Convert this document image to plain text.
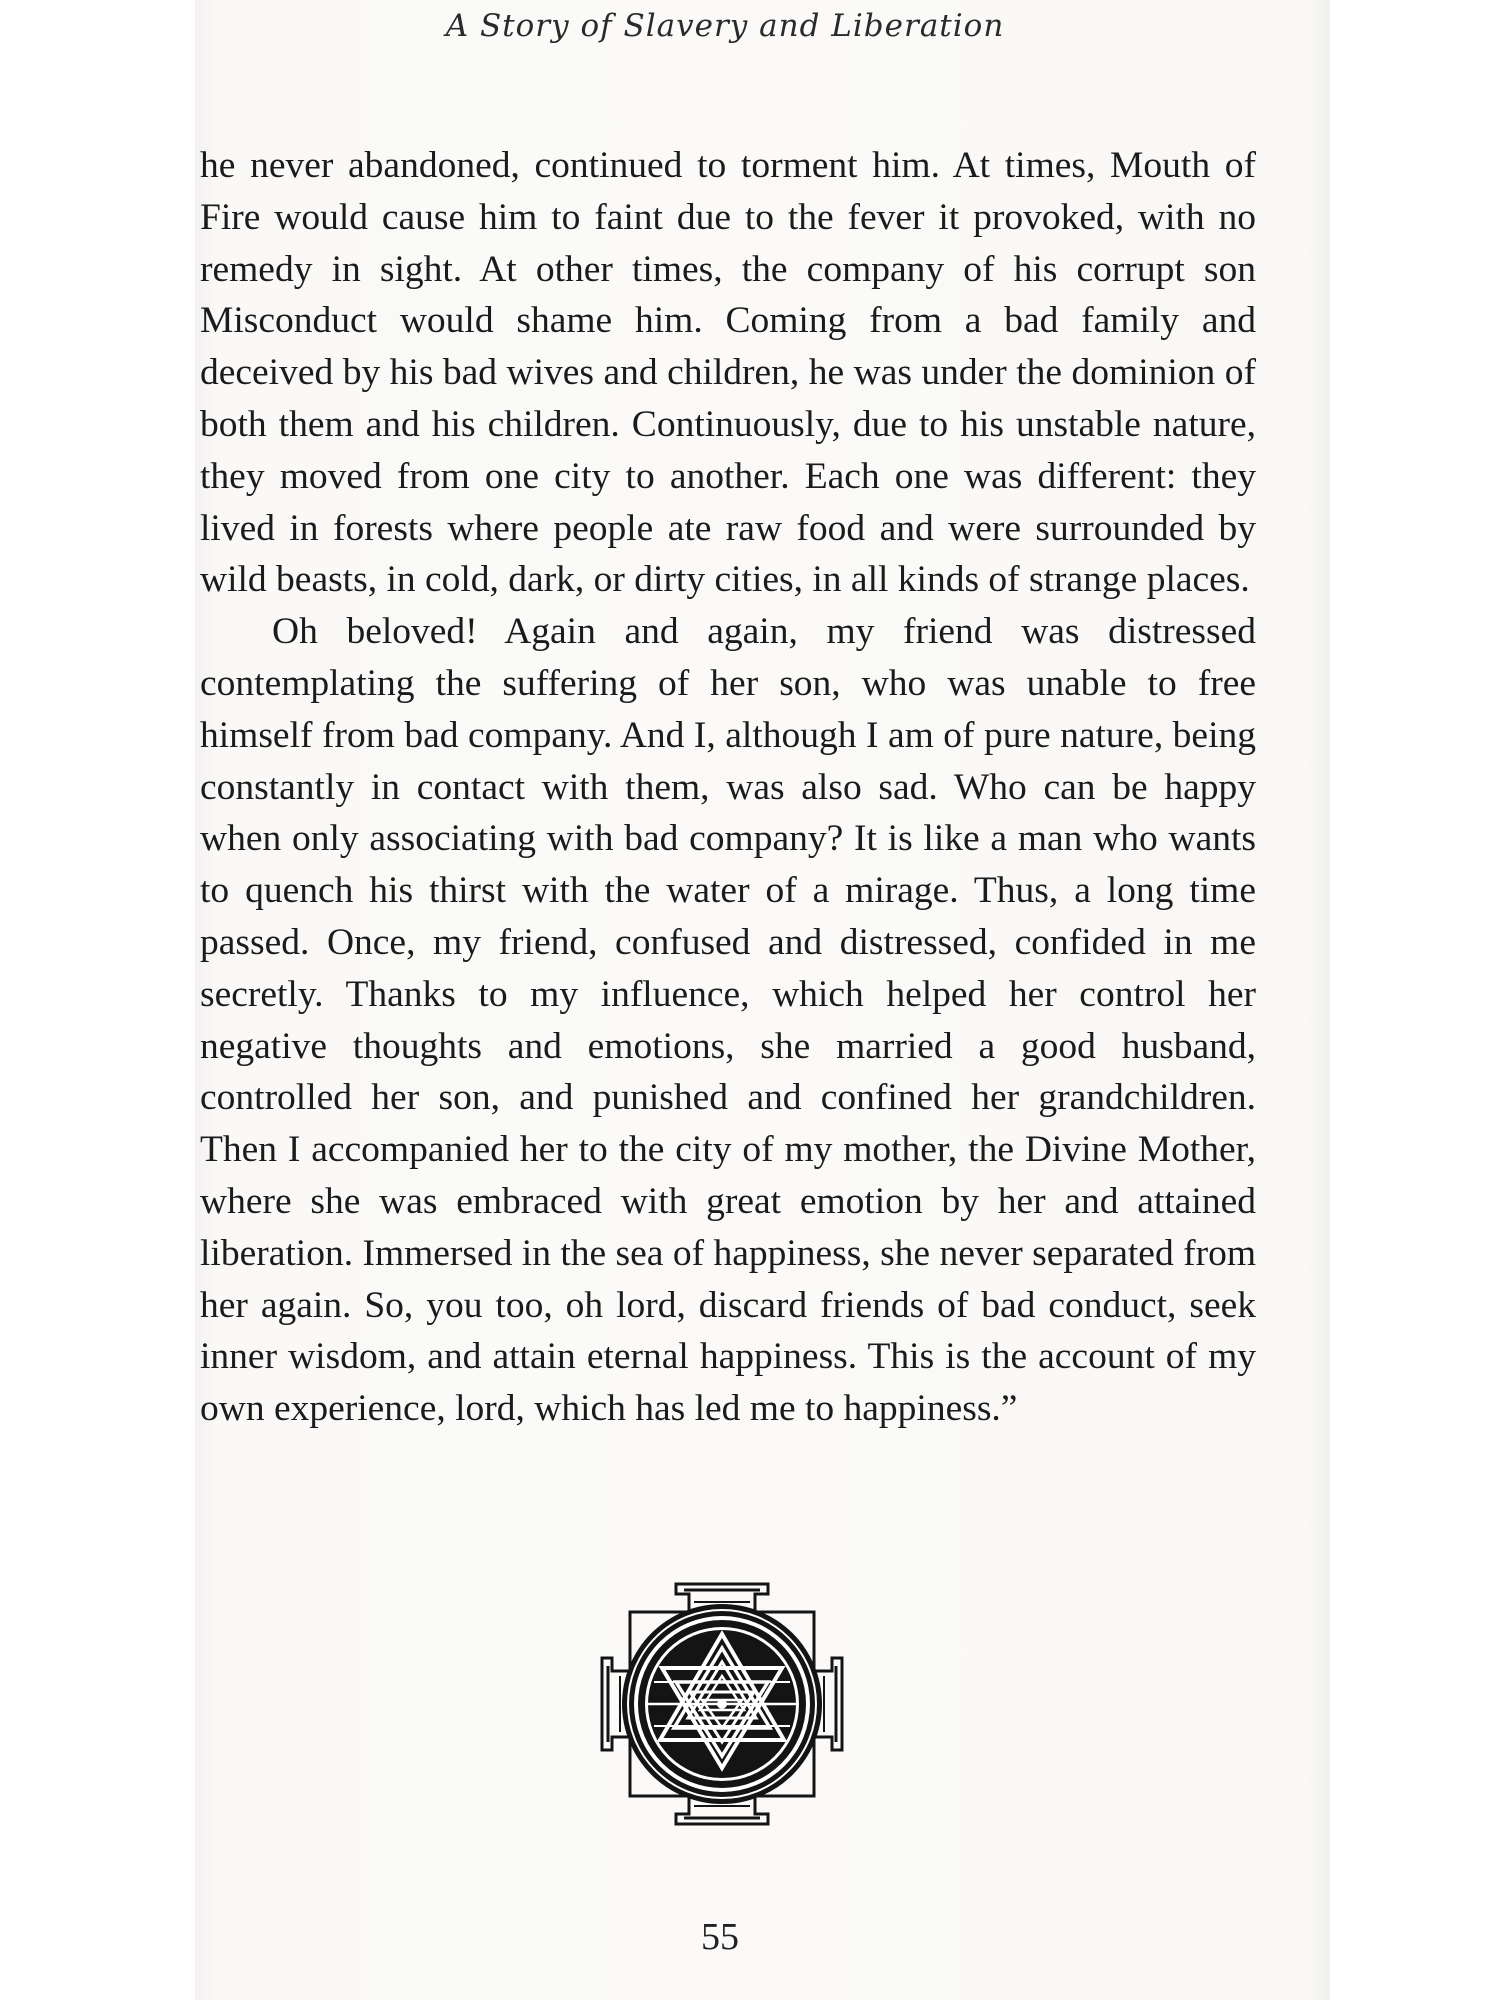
A Story of Slavery and Liberation

he never abandoned, continued to torment him. At times, Mouth of Fire would cause him to faint due to the fever it provoked, with no remedy in sight. At other times, the company of his corrupt son Misconduct would shame him. Coming from a bad family and deceived by his bad wives and children, he was under the dominion of both them and his children. Continuously, due to his unstable nature, they moved from one city to another. Each one was different: they lived in forests where people ate raw food and were surrounded by wild beasts, in cold, dark, or dirty cities, in all kinds of strange places.

Oh beloved! Again and again, my friend was distressed contemplating the suffering of her son, who was unable to free himself from bad company. And I, although I am of pure nature, being constantly in contact with them, was also sad. Who can be happy when only associating with bad company? It is like a man who wants to quench his thirst with the water of a mirage. Thus, a long time passed. Once, my friend, confused and distressed, confided in me secretly. Thanks to my influence, which helped her control her negative thoughts and emotions, she married a good husband, controlled her son, and punished and confined her grandchildren. Then I accompanied her to the city of my mother, the Divine Mother, where she was embraced with great emotion by her and attained liberation. Immersed in the sea of happiness, she never separated from her again. So, you too, oh lord, discard friends of bad conduct, seek inner wisdom, and attain eternal happiness. This is the account of my own experience, lord, which has led me to happiness.”

55
